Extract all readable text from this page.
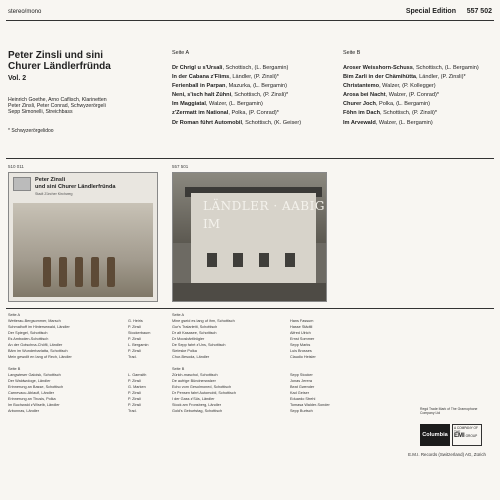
stereo/mono	Special Edition 557 502
Peter Zinsli und sini
Churer Ländlerfründa
Vol. 2
Heinrich Goethe, Arno Caflisch, Klarinetten
Peter Zinsli, Peter Conrad, Schwyzerörgeli
Sepp Simonelli, Streichbass
* Schwyzerörgelidoo
Seite A
Dr Chrigl u s'Ursali, Schottisch, (L. Bergamin)
In der Cabana z'Flims, Ländler, (P. Zinsli)*
Ferienball in Parpan, Mazurka, (L. Bergamin)
Neni, s'isch halt Zühni, Schottisch, (P. Zinsli)*
Im Maggiatal, Walzer, (L. Bergamin)
z'Zermatt im National, Polka, (P. Conrad)*
Dr Roman führt Automobil, Schottisch, (K. Geiser)
Seite B
Aroser Weisshorn-Schuss, Schottisch, (L. Bergamin)
Bim Zarli in der Chämihütta, Ländler, (P. Zinsli)*
Christantemo, Walzer, (P. Kollegger)
Arosa bei Nacht, Walzer, (P. Conrad)*
Churer Joch, Polka, (L. Bergamin)
Föhn im Dach, Schottisch, (P. Zinsli)*
Im Arvewald, Walzer, (L. Bergamin)
510 011	557 501
Peter Zinsli
und sini Churer Ländlerfründa
Stadt Zürcher Kirchweg
LÄNDLER · AABIG
IM
Seite A
Wetterau-Bergsommer, Marsch	G. Heiris
Schmalhoff im Hintersewald, Ländler	P. Zinsli
Der Spiegel, Schottisch	Stockerbaum
Es Amboden-Schottisch	P. Zinsli
An der Gotschna-Chöfli, Ländler	L. Bergamin
Bärn im Wunderbarlatta, Schottisch	P. Zinsli
Mein gewollt en Iang uf Rech, Ländler	Trad.
Seite B
Langwieser Galoisk, Schottisch	L. Gamsith
Der Waldwologe, Ländler	P. Zinsli
Erinnerung an Basse, Schottisch	G. Marken
Carnevacu-Ablaufl, Ländler	P. Zinsli
Erinnerung an Thusis, Polka	P. Zinsli
Im Buchwald z'Wiselb, Ländler	P. Zinsli
Arbonnas, Ländler	Trad.
Seite A
Mine gseid es lang uf ihm, Schottisch	Hans Fassum
Gur's Tralarletti, Schottisch	Hasse Städtli
Dr alt Kasasee, Schottisch	Alfred Ulrich
Dr Moosbärtlirögler	Ernst Sommer
De Sepp fahrt z'Uns, Schottisch	Sepp Marks
Sieleske Polka	Luis Brosses
Chur-Besoda, Ländler	Claudio Heisler
Seite B
Zürich-maschol, Schottisch	Sepp Stocker
De aufrige Bündnerwalzer	Jonas Jerera
Echo vom Gesolmoned, Schottisch	Beat Gwender
Dr Pensen fahrt Automobil, Schottisch	Kad Geiser
I der Gass z'Süs, Ländler	Eduardo Strehl
Stock am Fronsberg, Ländler	Tomasa Walder-Sonder
Gold's Geburtstag, Schottisch	Sepp Burtsch	Regd Trade Mark of The Gramophone Company Ltd
Columbia
A COMPANY OF THE
EMI GROUP
E.M.I. Records (Switzerland) AG, Zürich
